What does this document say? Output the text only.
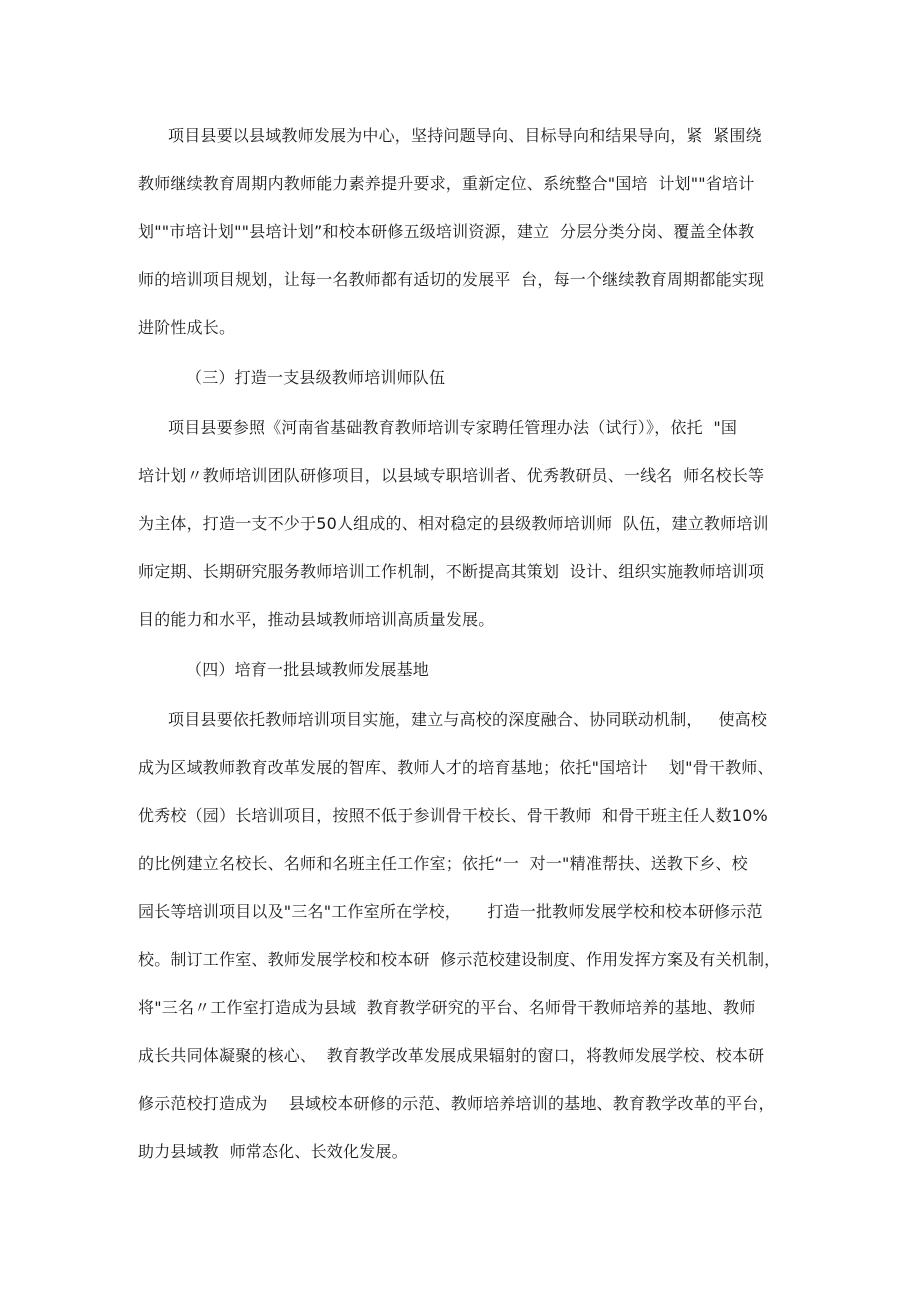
项目县要以县域教师发展为中心，坚持问题导向、目标导向和结果导向，紧  紧围绕

教师继续教育周期内教师能力素养提升要求，重新定位、系统整合"国培  计划""省培计

划""市培计划""县培计划”和校本研修五级培训资源，建立  分层分类分岗、覆盖全体教

师的培训项目规划，让每一名教师都有适切的发展平  台，每一个继续教育周期都能实现

进阶性成长。

（三）打造一支县级教师培训师队伍

项目县要参照《河南省基础教育教师培训专家聘任管理办法（试行）》，依托  "国

培计划〃教师培训团队研修项目，以县域专职培训者、优秀教研员、一线名  师名校长等

为主体，打造一支不少于50人组成的、相对稳定的县级教师培训师  队伍，建立教师培训

师定期、长期研究服务教师培训工作机制，不断提高其策划  设计、组织实施教师培训项

目的能力和水平，推动县域教师培训高质量发展。

（四）培育一批县域教师发展基地

项目县要依托教师培训项目实施，建立与高校的深度融合、协同联动机制，   使高校

成为区域教师教育改革发展的智库、教师人才的培育基地；依托"国培计    划"骨干教师、

优秀校（园）长培训项目，按照不低于参训骨干校长、骨干教师  和骨干班主任人数10%

的比例建立名校长、名师和名班主任工作室；依托“一  对一"精准帮扶、送教下乡、校

园长等培训项目以及"三名"工作室所在学校，     打造一批教师发展学校和校本研修示范

校。制订工作室、教师发展学校和校本研  修示范校建设制度、作用发挥方案及有关机制，

将"三名〃工作室打造成为县域  教育教学研究的平台、名师骨干教师培养的基地、教师

成长共同体凝聚的核心、  教育教学改革发展成果辐射的窗口，将教师发展学校、校本研

修示范校打造成为    县域校本研修的示范、教师培养培训的基地、教育教学改革的平台，

助力县域教  师常态化、长效化发展。
